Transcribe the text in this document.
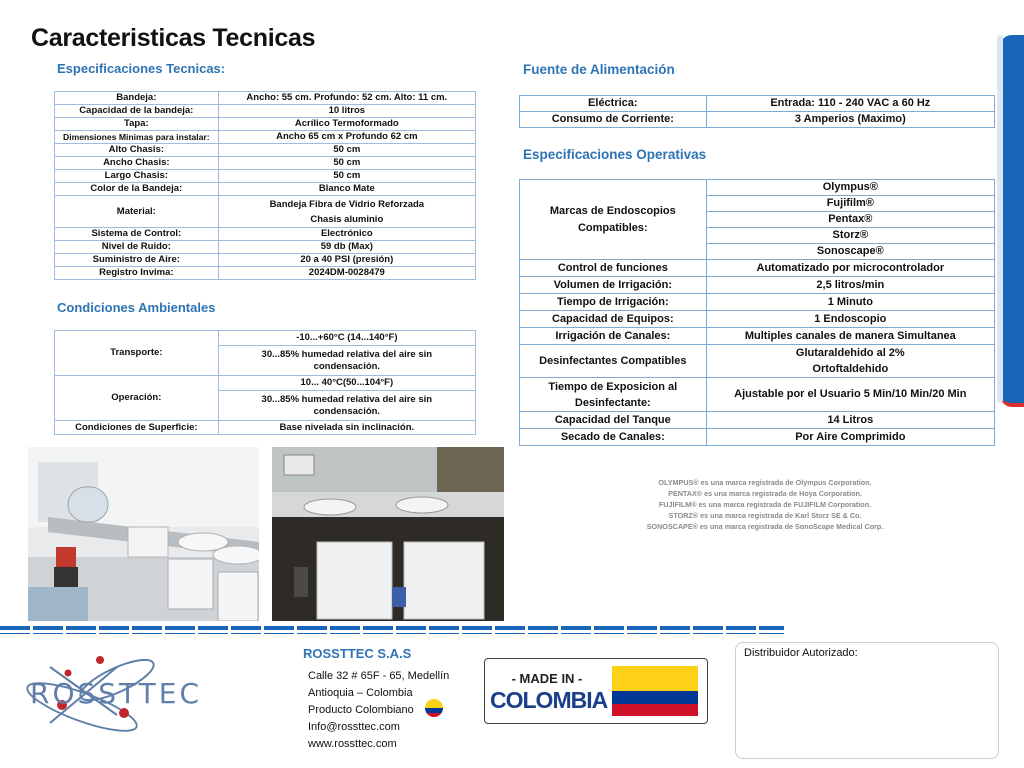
Caracteristicas Tecnicas
Especificaciones Tecnicas:
Bandeja:	Ancho: 55 cm. Profundo: 52 cm. Alto: 11 cm.
Capacidad de la bandeja:	10 litros
Tapa:	Acrílico Termoformado
Dimensiones Minimas para instalar:	Ancho 65 cm x Profundo 62 cm
Alto Chasis:	50 cm
Ancho Chasis:	50 cm
Largo Chasis:	50 cm
Color de la Bandeja:	Blanco Mate
Material:	Bandeja Fibra de Vidrio Reforzada
Chasis aluminio

Sistema de Control:	Electrónico
Nivel de Ruido:	59 db (Max)
Suministro de Aire:	20 a 40 PSI (presión)
Registro Invima:	2024DM-0028479
Condiciones Ambientales
Transporte:	-10...+60°C (14...140°F)

	30...85% humedad relativa del aire sin
condensación.

Operación:	10... 40°C(50...104°F)

	30...85% humedad relativa del aire sin
condensación.

Condiciones de Superficie:	Base nivelada sin inclinación.
Fuente de Alimentación
Eléctrica:	Entrada: 110 - 240 VAC a 60 Hz
Consumo de Corriente:	3 Amperios (Maximo)
Especificaciones Operativas
Marcas de Endoscopios
Compatibles:	Olympus®
	Fujifilm®
	Pentax®
	Storz®
	Sonoscape®
Control de funciones	Automatizado por microcontrolador
Volumen de Irrigación:	2,5 litros/min
Tiempo de Irrigación:	1 Minuto
Capacidad de Equipos:	1 Endoscopio
Irrigación de Canales:	Multiples canales de manera Simultanea
Desinfectantes Compatibles	Glutaraldehido al 2%
Ortoftaldehido

Tiempo de Exposicion al
Desinfectante:	Ajustable por el Usuario 5 Min/10 Min/20 Min
Capacidad del Tanque	14 Litros
Secado de Canales:	Por Aire Comprimido
OLYMPUS® es una marca registrada de Olympus Corporation.
PENTAX® es una marca registrada de Hoya Corporation.
FUJIFILM® es una marca registrada de FUJIFILM Corporation.
STORZ® es una marca registrada de Karl Storz SE & Co.
SONOSCAPE® es una marca registrada de SonoScape Medical Corp.
ROSSTTEC
ROSSTTEC S.A.S
Calle 32 # 65F - 65, Medellín
Antioquia – Colombia
Producto Colombiano
Info@rossttec.com
www.rossttec.com
- MADE IN -
COLOMBIA
Distribuidor Autorizado:
